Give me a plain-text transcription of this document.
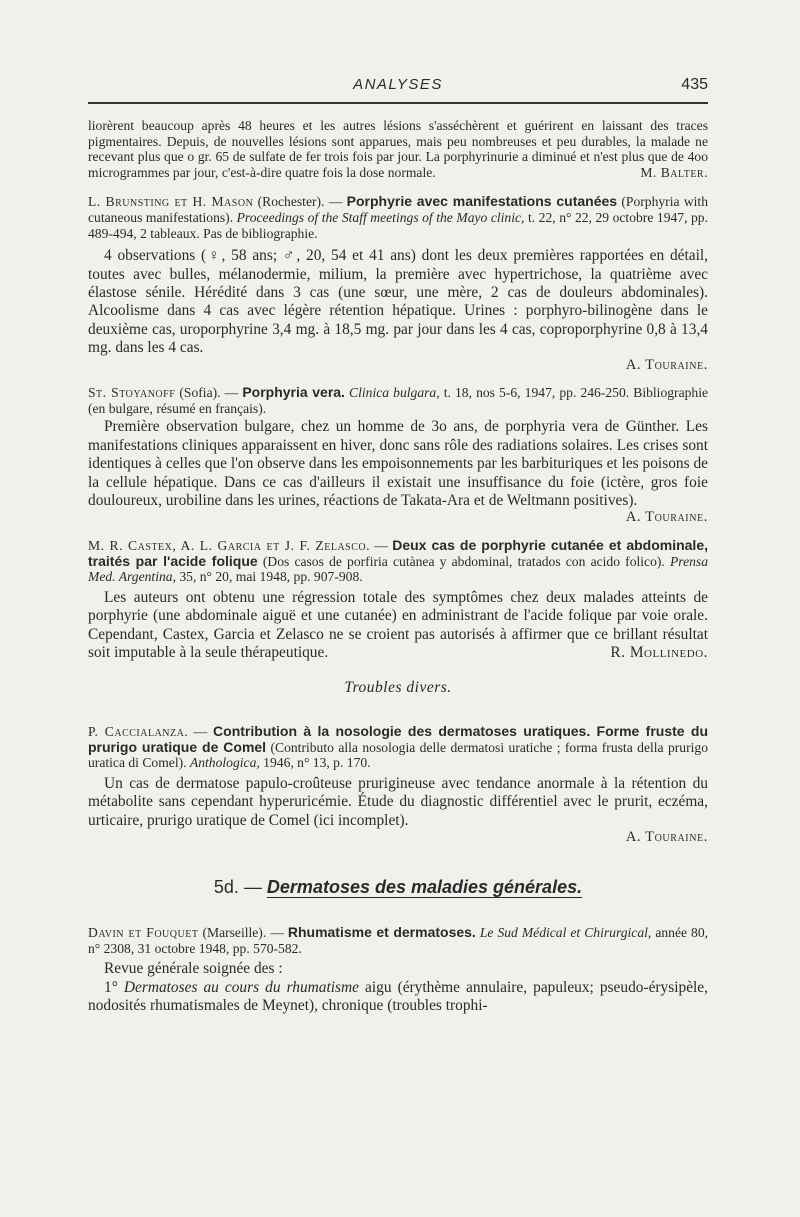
ANALYSES	435

liorèrent beaucoup après 48 heures et les autres lésions s'asséchèrent et guérirent en laissant des traces pigmentaires. Depuis, de nouvelles lésions sont apparues, mais peu nombreuses et peu durables, la malade ne recevant plus que o gr. 65 de sulfate de fer trois fois par jour. La porphyrinurie a diminué et n'est plus que de 4oo microgrammes par jour, c'est-à-dire quatre fois la dose normale.	M. Balter.

L. Brunsting et H. Mason (Rochester). — Porphyrie avec manifestations cutanées (Porphyria with cutaneous manifestations). Proceedings of the Staff meetings of the Mayo clinic, t. 22, n° 22, 29 octobre 1947, pp. 489-494, 2 tableaux. Pas de bibliographie.

4 observations (♀, 58 ans; ♂, 20, 54 et 41 ans) dont les deux premières rapportées en détail, toutes avec bulles, mélanodermie, milium, la première avec hypertrichose, la quatrième avec élastose sénile. Hérédité dans 3 cas (une sœur, une mère, 2 cas de douleurs abdominales). Alcoolisme dans 4 cas avec légère rétention hépatique. Urines : porphyro-bilinogène dans le deuxième cas, uroporphyrine 3,4 mg. à 18,5 mg. par jour dans les 4 cas, coproporphyrine 0,8 à 13,4 mg. dans les 4 cas.

A. Touraine.

St. Stoyanoff (Sofia). — Porphyria vera. Clinica bulgara, t. 18, nos 5-6, 1947, pp. 246-250. Bibliographie (en bulgare, résumé en français).

Première observation bulgare, chez un homme de 3o ans, de porphyria vera de Günther. Les manifestations cliniques apparaissent en hiver, donc sans rôle des radiations solaires. Les crises sont identiques à celles que l'on observe dans les empoisonnements par les barbituriques et les poisons de la cellule hépatique. Dans ce cas d'ailleurs il existait une insuffisance du foie (ictère, gros foie douloureux, urobiline dans les urines, réactions de Takata-Ara et de Weltmann positives).

A. Touraine.

M. R. Castex, A. L. Garcia et J. F. Zelasco. — Deux cas de porphyrie cutanée et abdominale, traités par l'acide folique (Dos casos de porfiria cutànea y abdominal, tratados con acido folico). Prensa Med. Argentina, 35, n° 20, mai 1948, pp. 907-908.

Les auteurs ont obtenu une régression totale des symptômes chez deux malades atteints de porphyrie (une abdominale aiguë et une cutanée) en administrant de l'acide folique par voie orale. Cependant, Castex, Garcia et Zelasco ne se croient pas autorisés à affirmer que ce brillant résultat soit imputable à la seule thérapeutique.	R. Mollinedo.

Troubles divers.

P. Caccialanza. — Contribution à la nosologie des dermatoses uratiques. Forme fruste du prurigo uratique de Comel (Contributo alla nosologia delle dermatosi uratiche ; forma frusta della prurigo uratica di Comel). Anthologica, 1946, n° 13, p. 170.

Un cas de dermatose papulo-croûteuse prurigineuse avec tendance anormale à la rétention du métabolite sans cependant hyperuricémie. Étude du diagnostic différentiel avec le prurit, eczéma, urticaire, prurigo uratique de Comel (ici incomplet).

A. Touraine.

5d. — Dermatoses des maladies générales.

Davin et Fouquet (Marseille). — Rhumatisme et dermatoses. Le Sud Médical et Chirurgical, année 80, n° 2308, 31 octobre 1948, pp. 570-582.

Revue générale soignée des :

1° Dermatoses au cours du rhumatisme aigu (érythème annulaire, papuleux; pseudo-érysipèle, nodosités rhumatismales de Meynet), chronique (troubles trophi-
